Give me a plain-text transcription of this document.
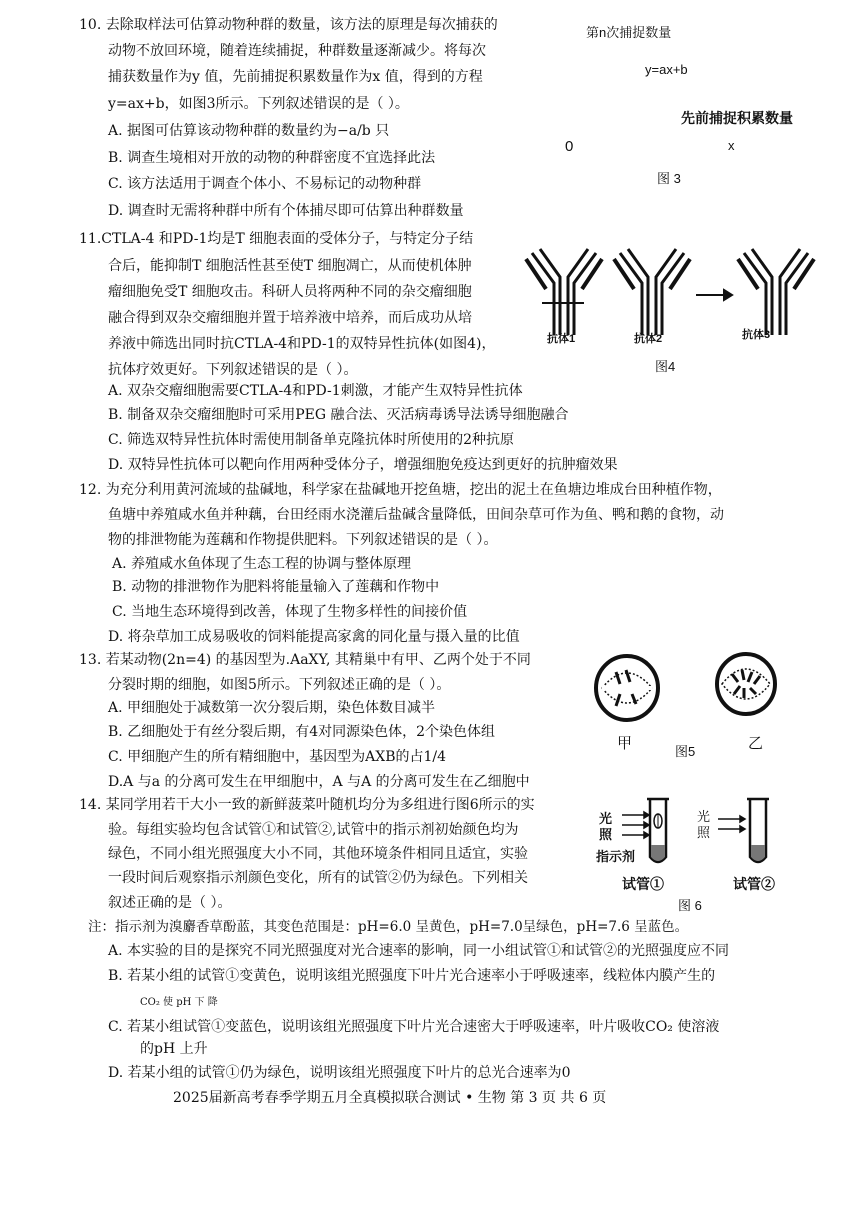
10. 去除取样法可估算动物种群的数量，该方法的原理是每次捕获的
动物不放回环境，随着连续捕捉，种群数量逐渐减少。将每次
捕获数量作为y 值，先前捕捉积累数量作为x 值，得到的方程
y=ax+b，如图3所示。下列叙述错误的是（ ）。
A. 据图可估算该动物种群的数量约为−a/b 只
B. 调查生境相对开放的动物的种群密度不宜选择此法
C. 该方法适用于调查个体小、不易标记的动物种群
D. 调查时无需将种群中所有个体捕尽即可估算出种群数量
第n次捕捉数量
y=ax+b
先前捕捉积累数量
0	x
图 3
11.CTLA-4 和PD-1均是T 细胞表面的受体分子，与特定分子结
合后，能抑制T 细胞活性甚至使T 细胞凋亡，从而使机体肿
瘤细胞免受T 细胞攻击。科研人员将两种不同的杂交瘤细胞
融合得到双杂交瘤细胞并置于培养液中培养，而后成功从培
养液中筛选出同时抗CTLA-4和PD-1的双特异性抗体(如图4)，
抗体疗效更好。下列叙述错误的是（ ）。
A. 双杂交瘤细胞需要CTLA-4和PD-1刺激，才能产生双特异性抗体
B. 制备双杂交瘤细胞时可采用PEG 融合法、灭活病毒诱导法诱导细胞融合
C. 筛选双特异性抗体时需使用制备单克隆抗体时所使用的2种抗原
D. 双特异性抗体可以靶向作用两种受体分子，增强细胞免疫达到更好的抗肿瘤效果
抗体1	抗体2	抗体3
图4
12. 为充分利用黄河流域的盐碱地，科学家在盐碱地开挖鱼塘，挖出的泥土在鱼塘边堆成台田种植作物，
鱼塘中养殖咸水鱼并种藕，台田经雨水浇灌后盐碱含量降低，田间杂草可作为鱼、鸭和鹅的食物，动
物的排泄物能为莲藕和作物提供肥料。下列叙述错误的是（ ）。
A. 养殖咸水鱼体现了生态工程的协调与整体原理
B. 动物的排泄物作为肥料将能量输入了莲藕和作物中
C. 当地生态环境得到改善，体现了生物多样性的间接价值
D. 将杂草加工成易吸收的饲料能提高家禽的同化量与摄入量的比值
13. 若某动物(2n=4) 的基因型为.AaXY, 其精巢中有甲、乙两个处于不同
分裂时期的细胞，如图5所示。下列叙述正确的是（ ）。
A. 甲细胞处于减数第一次分裂后期，染色体数目减半
B. 乙细胞处于有丝分裂后期，有4对同源染色体，2个染色体组
C. 甲细胞产生的所有精细胞中，基因型为AXB的占1/4
D.A 与a 的分离可发生在甲细胞中，A 与A 的分离可发生在乙细胞中
甲	图5	乙
14. 某同学用若干大小一致的新鲜菠菜叶随机均分为多组进行图6所示的实
验。每组实验均包含试管①和试管②,试管中的指示剂初始颜色均为
绿色，不同小组光照强度大小不同，其他环境条件相同且适宜，实验
一段时间后观察指示剂颜色变化，所有的试管②仍为绿色。下列相关
叙述正确的是（ ）。
注：指示剂为溴麝香草酚蓝，其变色范围是：pH=6.0 呈黄色，pH=7.0呈绿色，pH=7.6 呈蓝色。
A. 本实验的目的是探究不同光照强度对光合速率的影响，同一小组试管①和试管②的光照强度应不同
B. 若某小组的试管①变黄色，说明该组光照强度下叶片光合速率小于呼吸速率，线粒体内膜产生的
CO₂ 使 pH 下 降
C. 若某小组试管①变蓝色，说明该组光照强度下叶片光合速密大于呼吸速率，叶片吸收CO₂ 使溶液
的pH 上升
D. 若某小组的试管①仍为绿色，说明该组光照强度下叶片的总光合速率为0
光
照
指示剂
光
照
试管①
图 6
试管②
2025届新高考春季学期五月全真模拟联合测试 • 生物 第 3 页 共 6 页
